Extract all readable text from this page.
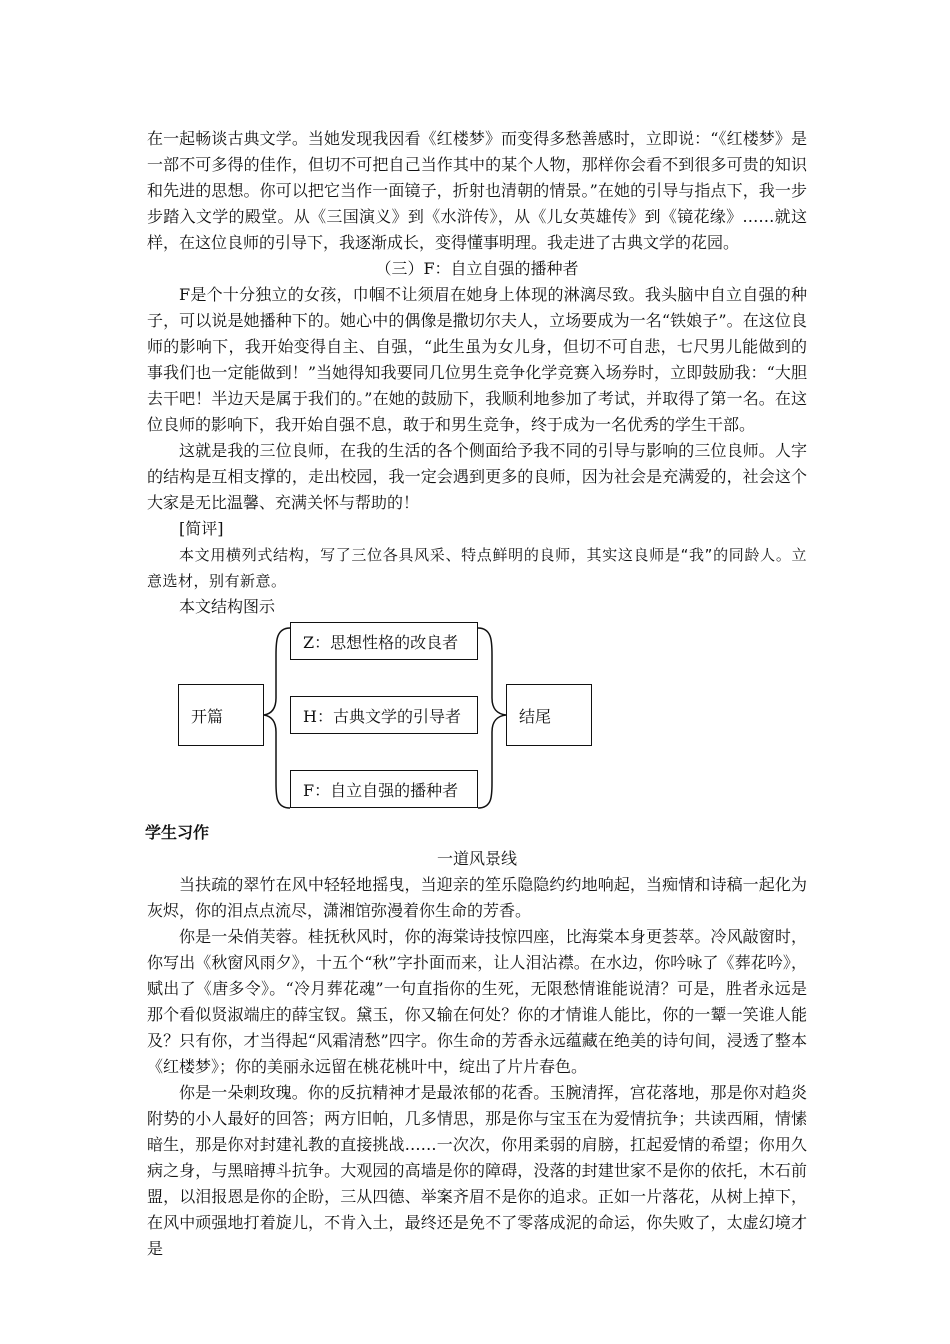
在一起畅谈古典文学。当她发现我因看《红楼梦》而变得多愁善感时，立即说：“《红楼梦》是一部不可多得的佳作，但切不可把自己当作其中的某个人物，那样你会看不到很多可贵的知识和先进的思想。你可以把它当作一面镜子，折射也清朝的情景。”在她的引导与指点下，我一步步踏入文学的殿堂。从《三国演义》到《水浒传》，从《儿女英雄传》到《镜花缘》……就这样，在这位良师的引导下，我逐渐成长，变得懂事明理。我走进了古典文学的花园。

（三）F：自立自强的播种者

F是个十分独立的女孩，巾帼不让须眉在她身上体现的淋漓尽致。我头脑中自立自强的种子，可以说是她播种下的。她心中的偶像是撒切尔夫人，立场要成为一名“铁娘子”。在这位良师的影响下，我开始变得自主、自强，“此生虽为女儿身，但切不可自悲，七尺男儿能做到的事我们也一定能做到！”当她得知我要同几位男生竞争化学竞赛入场券时，立即鼓励我：“大胆去干吧！半边天是属于我们的。”在她的鼓励下，我顺利地参加了考试，并取得了第一名。在这位良师的影响下，我开始自强不息，敢于和男生竞争，终于成为一名优秀的学生干部。

这就是我的三位良师，在我的生活的各个侧面给予我不同的引导与影响的三位良师。人字的结构是互相支撑的，走出校园，我一定会遇到更多的良师，因为社会是充满爱的，社会这个大家是无比温馨、充满关怀与帮助的！

[简评]

本文用横列式结构，写了三位各具风采、特点鲜明的良师，其实这良师是“我”的同龄人。立意选材，别有新意。

本文结构图示

开篇
Z：思想性格的改良者
H：古典文学的引导者
F：自立自强的播种者
结尾

学生习作

一道风景线

当扶疏的翠竹在风中轻轻地摇曳，当迎亲的笙乐隐隐约约地响起，当痴情和诗稿一起化为灰烬，你的泪点点流尽，潇湘馆弥漫着你生命的芳香。

你是一朵俏芙蓉。桂抚秋风时，你的海棠诗技惊四座，比海棠本身更荟萃。冷风敲窗时，你写出《秋窗风雨夕》，十五个“秋”字扑面而来，让人泪沾襟。在水边，你吟咏了《葬花吟》，赋出了《唐多令》。“冷月葬花魂”一句直指你的生死，无限愁情谁能说清？可是，胜者永远是那个看似贤淑端庄的薛宝钗。黛玉，你又输在何处？你的才情谁人能比，你的一颦一笑谁人能及？只有你，才当得起“风霜清愁”四字。你生命的芳香永远蕴藏在绝美的诗句间，浸透了整本《红楼梦》；你的美丽永远留在桃花桃叶中，绽出了片片春色。

你是一朵刺玫瑰。你的反抗精神才是最浓郁的花香。玉腕清挥，宫花落地，那是你对趋炎附势的小人最好的回答；两方旧帕，几多情思，那是你与宝玉在为爱情抗争；共读西厢，情愫暗生，那是你对封建礼教的直接挑战……一次次，你用柔弱的肩膀，扛起爱情的希望；你用久病之身，与黑暗搏斗抗争。大观园的高墙是你的障碍，没落的封建世家不是你的依托，木石前盟，以泪报恩是你的企盼，三从四德、举案齐眉不是你的追求。正如一片落花，从树上掉下，在风中顽强地打着旋儿，不肯入土，最终还是免不了零落成泥的命运，你失败了，太虚幻境才是
